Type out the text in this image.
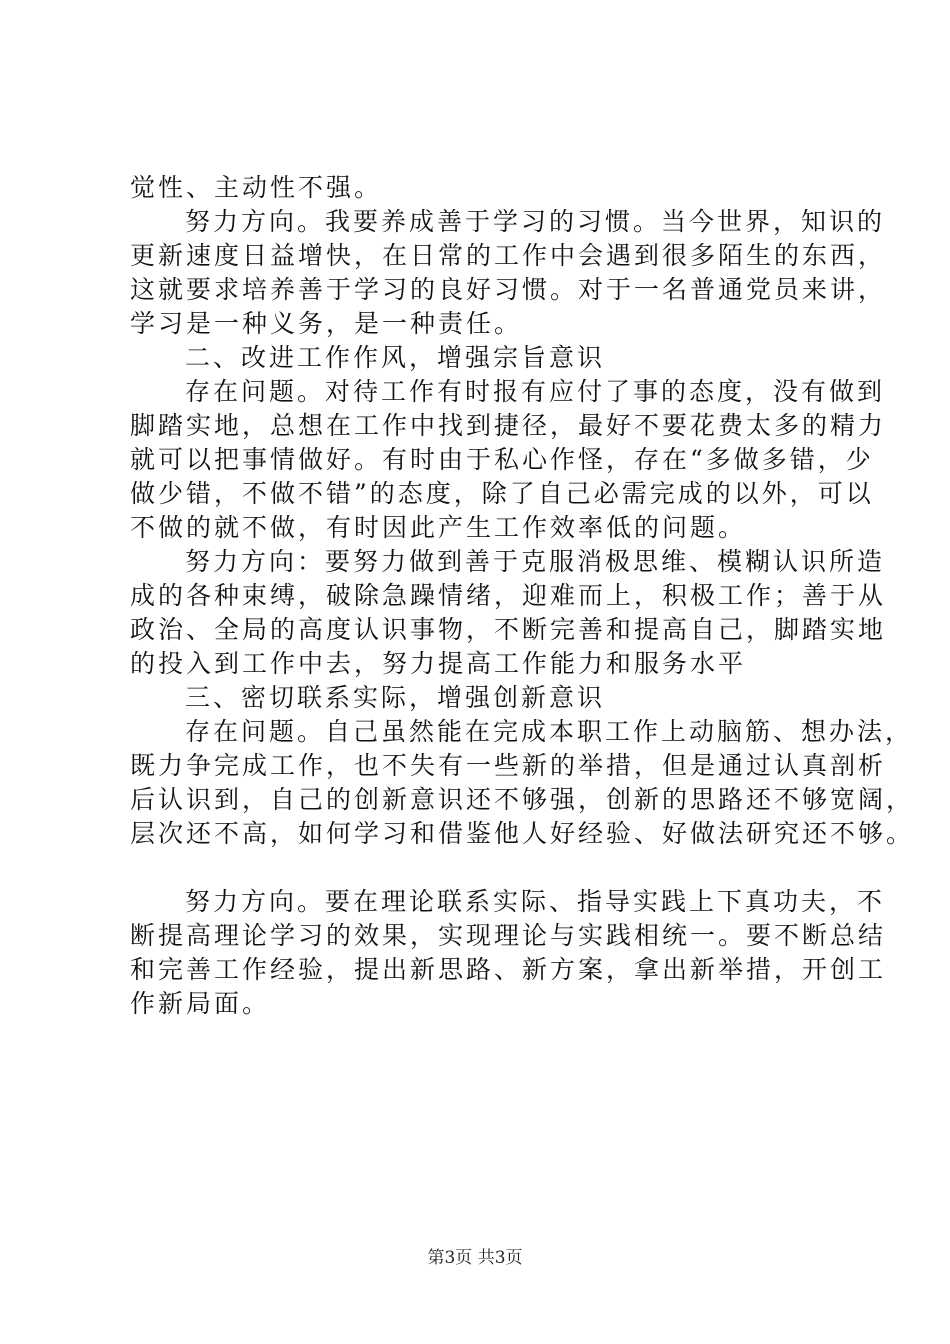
觉性、主动性不强。
努力方向。我要养成善于学习的习惯。当今世界，知识的
更新速度日益增快，在日常的工作中会遇到很多陌生的东西，
这就要求培养善于学习的良好习惯。对于一名普通党员来讲，
学习是一种义务，是一种责任。
二、改进工作作风，增强宗旨意识
存在问题。对待工作有时报有应付了事的态度，没有做到
脚踏实地，总想在工作中找到捷径，最好不要花费太多的精力
就可以把事情做好。有时由于私心作怪，存在“多做多错，少
做少错，不做不错”的态度，除了自己必需完成的以外，可以
不做的就不做，有时因此产生工作效率低的问题。
努力方向：要努力做到善于克服消极思维、模糊认识所造
成的各种束缚，破除急躁情绪，迎难而上，积极工作；善于从
政治、全局的高度认识事物，不断完善和提高自己，脚踏实地
的投入到工作中去，努力提高工作能力和服务水平
三、密切联系实际，增强创新意识
存在问题。自己虽然能在完成本职工作上动脑筋、想办法，
既力争完成工作，也不失有一些新的举措，但是通过认真剖析
后认识到，自己的创新意识还不够强，创新的思路还不够宽阔，
层次还不高，如何学习和借鉴他人好经验、好做法研究还不够。
努力方向。要在理论联系实际、指导实践上下真功夫，不
断提高理论学习的效果，实现理论与实践相统一。要不断总结
和完善工作经验，提出新思路、新方案，拿出新举措，开创工
作新局面。
第3页 共3页
